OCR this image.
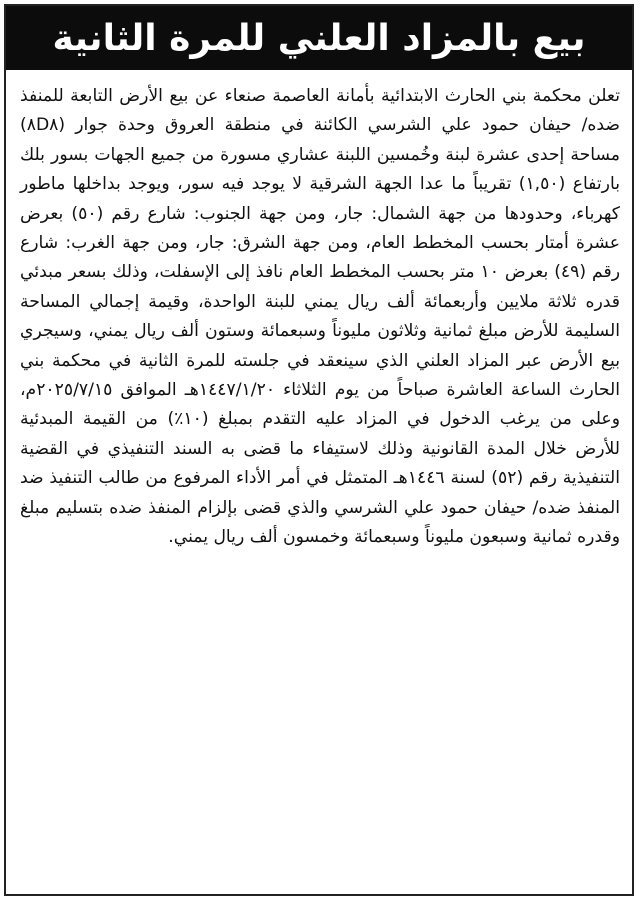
بيع بالمزاد العلني للمرة الثانية

تعلن محكمة بني الحارث الابتدائية بأمانة العاصمة صنعاء عن بيع الأرض التابعة للمنفذ ضده/ حيفان حمود علي الشرسي الكائنة في منطقة العروق وحدة جوار (٨D٨) مساحة إحدى عشرة لبنة وخُمسين اللبنة عشاري مسورة من جميع الجهات بسور بلك بارتفاع (١,٥٠) تقريباً ما عدا الجهة الشرقية لا يوجد فيه سور، ويوجد بداخلها ماطور كهرباء، وحدودها من جهة الشمال: جار، ومن جهة الجنوب: شارع رقم (٥٠) بعرض عشرة أمتار بحسب المخطط العام، ومن جهة الشرق: جار، ومن جهة الغرب: شارع رقم (٤٩) بعرض ١٠ متر بحسب المخطط العام نافذ إلى الإسفلت، وذلك بسعر مبدئي قدره ثلاثة ملايين وأربعمائة ألف ريال يمني للبنة الواحدة، وقيمة إجمالي المساحة السليمة للأرض مبلغ ثمانية وثلاثون مليوناً وسبعمائة وستون ألف ريال يمني، وسيجري بيع الأرض عبر المزاد العلني الذي سينعقد في جلسته للمرة الثانية في محكمة بني الحارث الساعة العاشرة صباحاً من يوم الثلاثاء ١٤٤٧/١/٢٠هـ الموافق ٢٠٢٥/٧/١٥م، وعلى من يرغب الدخول في المزاد عليه التقدم بمبلغ (١٠٪) من القيمة المبدئية للأرض خلال المدة القانونية وذلك لاستيفاء ما قضى به السند التنفيذي في القضية التنفيذية رقم (٥٢) لسنة ١٤٤٦هـ المتمثل في أمر الأداء المرفوع من طالب التنفيذ ضد المنفذ ضده/ حيفان حمود علي الشرسي والذي قضى بإلزام المنفذ ضده بتسليم مبلغ وقدره ثمانية وسبعون مليوناً وسبعمائة وخمسون ألف ريال يمني.
